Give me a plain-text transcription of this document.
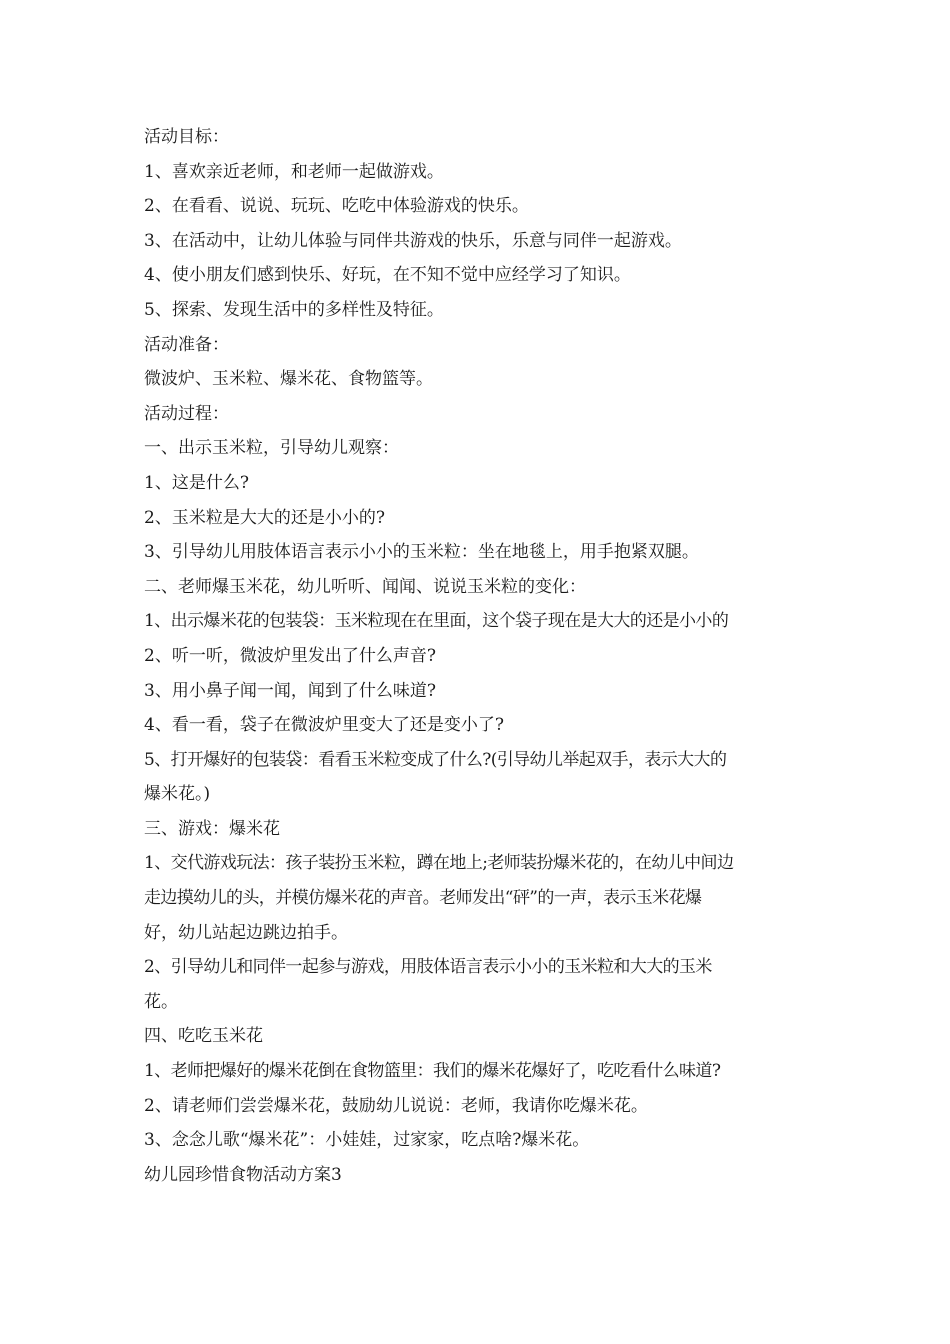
活动目标：

1、喜欢亲近老师，和老师一起做游戏。

2、在看看、说说、玩玩、吃吃中体验游戏的快乐。

3、在活动中，让幼儿体验与同伴共游戏的快乐，乐意与同伴一起游戏。

4、使小朋友们感到快乐、好玩，在不知不觉中应经学习了知识。

5、探索、发现生活中的多样性及特征。

活动准备：

微波炉、玉米粒、爆米花、食物篮等。

活动过程：

一、出示玉米粒，引导幼儿观察：

1、这是什么?

2、玉米粒是大大的还是小小的?

3、引导幼儿用肢体语言表示小小的玉米粒：坐在地毯上，用手抱紧双腿。

二、老师爆玉米花，幼儿听听、闻闻、说说玉米粒的变化：

1、出示爆米花的包装袋：玉米粒现在在里面，这个袋子现在是大大的还是小小的

2、听一听，微波炉里发出了什么声音?

3、用小鼻子闻一闻，闻到了什么味道?

4、看一看，袋子在微波炉里变大了还是变小了?

5、打开爆好的包装袋：看看玉米粒变成了什么?(引导幼儿举起双手，表示大大的

爆米花。)

三、游戏：爆米花

1、交代游戏玩法：孩子装扮玉米粒，蹲在地上;老师装扮爆米花的，在幼儿中间边

走边摸幼儿的头，并模仿爆米花的声音。老师发出“砰”的一声，表示玉米花爆

好，幼儿站起边跳边拍手。

2、引导幼儿和同伴一起参与游戏，用肢体语言表示小小的玉米粒和大大的玉米

花。

四、吃吃玉米花

1、老师把爆好的爆米花倒在食物篮里：我们的爆米花爆好了，吃吃看什么味道?

2、请老师们尝尝爆米花，鼓励幼儿说说：老师，我请你吃爆米花。

3、念念儿歌“爆米花”：小娃娃，过家家，吃点啥?爆米花。

幼儿园珍惜食物活动方案3
